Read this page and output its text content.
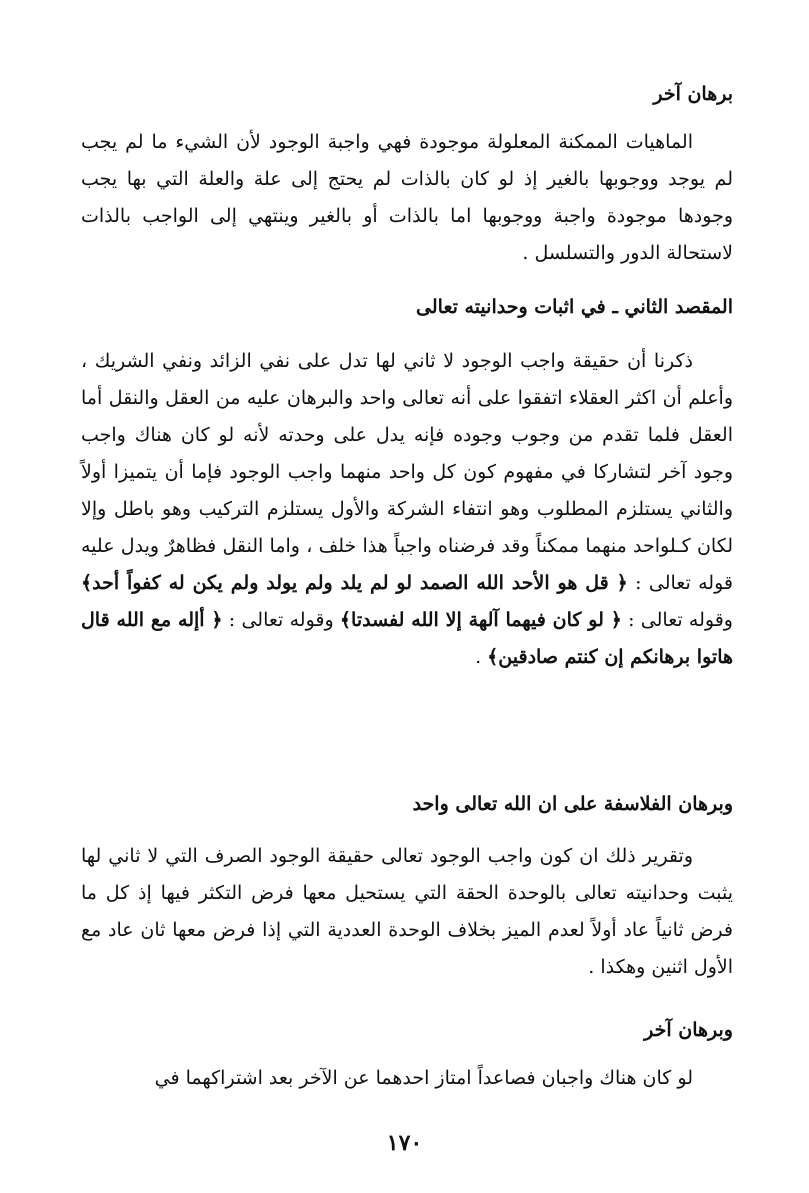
برهان آخر
الماهيات الممكنة المعلولة موجودة فهي واجبة الوجود لأن الشيء ما لم يجب لم يوجد ووجوبها بالغير إذ لو كان بالذات لم يحتج إلى علة والعلة التي بها يجب وجودها موجودة واجبة ووجوبها اما بالذات أو بالغير وينتهي إلى الواجب بالذات لاستحالة الدور والتسلسل .
المقصد الثاني ـ في اثبات وحدانيته تعالى
ذكرنا أن حقيقة واجب الوجود لا ثاني لها تدل على نفي الزائد ونفي الشريك ، وأعلم أن اكثر العقلاء اتفقوا على أنه تعالى واحد والبرهان عليه من العقل والنقل أما العقل فلما تقدم من وجوب وجوده فإنه يدل على وحدته لأنه لو كان هناك واجب وجود آخر لتشاركا في مفهوم كون كل واحد منهما واجب الوجود فإما أن يتميزا أولاً والثاني يستلزم المطلوب وهو انتفاء الشركة والأول يستلزم التركيب وهو باطل وإلا لكان كـلواحد منهما ممكناً وقد فرضناه واجباً هذا خلف ، واما النقل فظاهرٌ ويدل عليه قوله تعالى : ﴿ قل هو الأحد الله الصمد لو لم يلد ولم يولد ولم يكن له كفواً أحد﴾ وقوله تعالى : ﴿ لو كان فيهما آلهة إلا الله لفسدتا﴾ وقوله تعالى : ﴿ أإله مع الله قال هاتوا برهانكم إن كنتم صادقين﴾ .
وبرهان الفلاسفة على ان الله تعالى واحد
وتقرير ذلك ان كون واجب الوجود تعالى حقيقة الوجود الصرف التي لا ثاني لها يثبت وحدانيته تعالى بالوحدة الحقة التي يستحيل معها فرض التكثر فيها إذ كل ما فرض ثانياً عاد أولاً لعدم الميز بخلاف الوحدة العددية التي إذا فرض معها ثان عاد مع الأول اثنين وهكذا .
وبرهان آخر
لو كان هناك واجبان فصاعداً امتاز احدهما عن الآخر بعد اشتراكهما في
١٧٠
